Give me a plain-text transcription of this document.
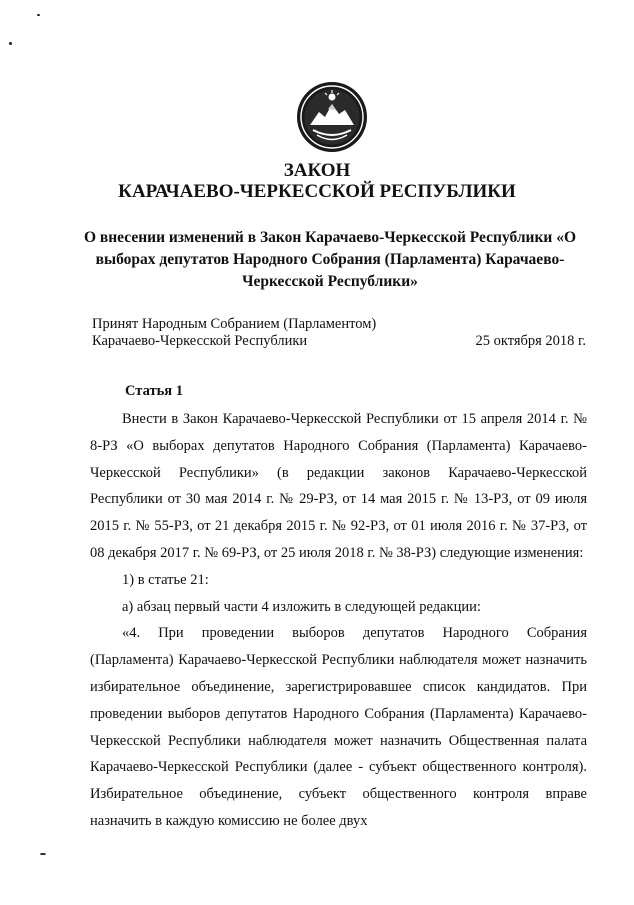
ЗАКОН
КАРАЧАЕВО-ЧЕРКЕССКОЙ РЕСПУБЛИКИ
О внесении изменений в Закон Карачаево-Черкесской Республики «О выборах депутатов Народного Собрания (Парламента) Карачаево-Черкесской Республики»
Принят Народным Собранием (Парламентом)
Карачаево-Черкесской Республики	25 октября 2018 г.
Статья 1

Внести в Закон Карачаево-Черкесской Республики от 15 апреля 2014 г. № 8-РЗ «О выборах депутатов Народного Собрания (Парламента) Карачаево-Черкесской Республики» (в редакции законов Карачаево-Черкесской Республики от 30 мая 2014 г. № 29-РЗ, от 14 мая 2015 г. № 13-РЗ, от 09 июля 2015 г. № 55-РЗ, от 21 декабря 2015 г. № 92-РЗ, от 01 июля 2016 г. № 37-РЗ, от 08 декабря 2017 г. № 69-РЗ, от 25 июля 2018 г. № 38-РЗ) следующие изменения:

1) в статье 21:

а) абзац первый части 4 изложить в следующей редакции:

«4. При проведении выборов депутатов Народного Собрания (Парламента) Карачаево-Черкесской Республики наблюдателя может назначить избирательное объединение, зарегистрировавшее список кандидатов. При проведении выборов депутатов Народного Собрания (Парламента) Карачаево-Черкесской Республики наблюдателя может назначить Общественная палата Карачаево-Черкесской Республики (далее - субъект общественного контроля). Избирательное объединение, субъект общественного контроля вправе назначить в каждую комиссию не более двух
